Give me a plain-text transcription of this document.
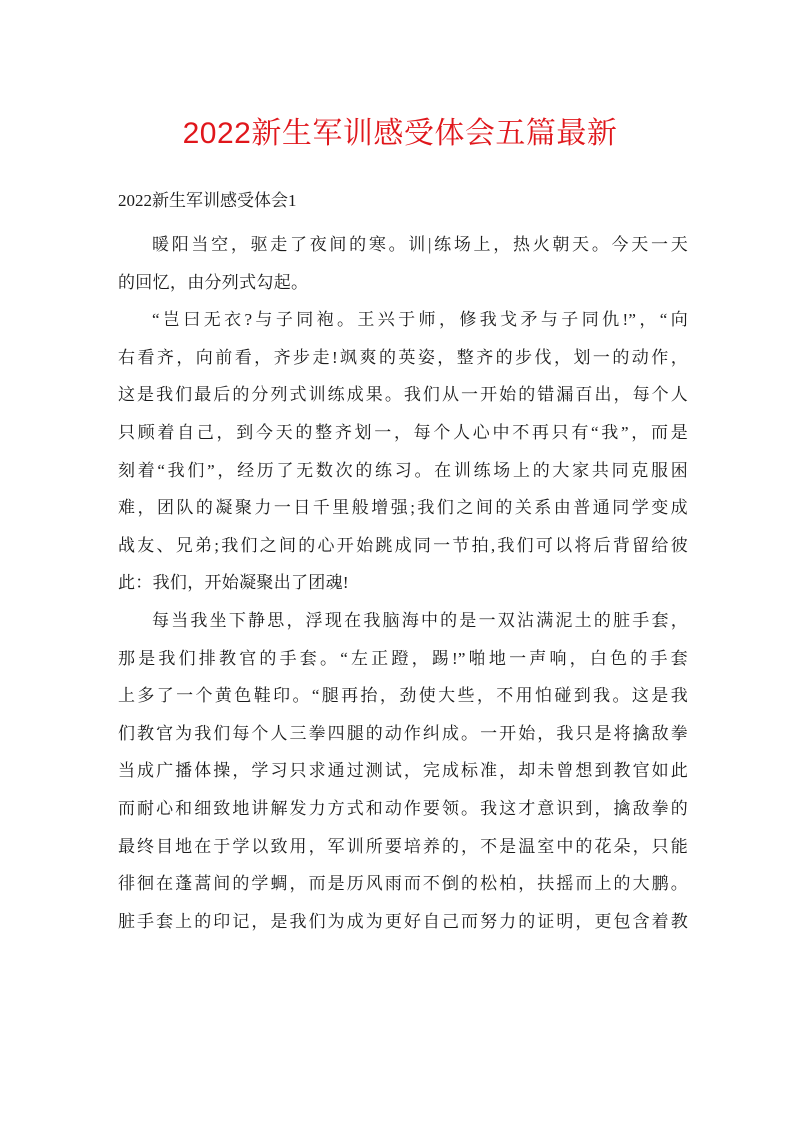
2022新生军训感受体会五篇最新
2022新生军训感受体会1
暖阳当空，驱走了夜间的寒。训|练场上，热火朝天。今天一天
的回忆，由分列式勾起。
“岂曰无衣?与子同袍。王兴于师，修我戈矛与子同仇!”，“向
右看齐，向前看，齐步走!飒爽的英姿，整齐的步伐，划一的动作，
这是我们最后的分列式训练成果。我们从一开始的错漏百出，每个人
只顾着自己，到今天的整齐划一，每个人心中不再只有“我”，而是
刻着“我们”，经历了无数次的练习。在训练场上的大家共同克服困
难，团队的凝聚力一日千里般增强;我们之间的关系由普通同学变成
战友、兄弟;我们之间的心开始跳成同一节拍,我们可以将后背留给彼
此：我们，开始凝聚出了团魂!
每当我坐下静思，浮现在我脑海中的是一双沾满泥土的脏手套，
那是我们排教官的手套。“左正蹬，踢!”啪地一声响，白色的手套
上多了一个黄色鞋印。“腿再抬，劲使大些，不用怕碰到我。这是我
们教官为我们每个人三拳四腿的动作纠成。一开始，我只是将擒敌拳
当成广播体操，学习只求通过测试，完成标准，却未曾想到教官如此
而耐心和细致地讲解发力方式和动作要领。我这才意识到，擒敌拳的
最终目地在于学以致用，军训所要培养的，不是温室中的花朵，只能
徘徊在蓬蒿间的学蜩，而是历风雨而不倒的松柏，扶摇而上的大鹏。
脏手套上的印记，是我们为成为更好自己而努力的证明，更包含着教
